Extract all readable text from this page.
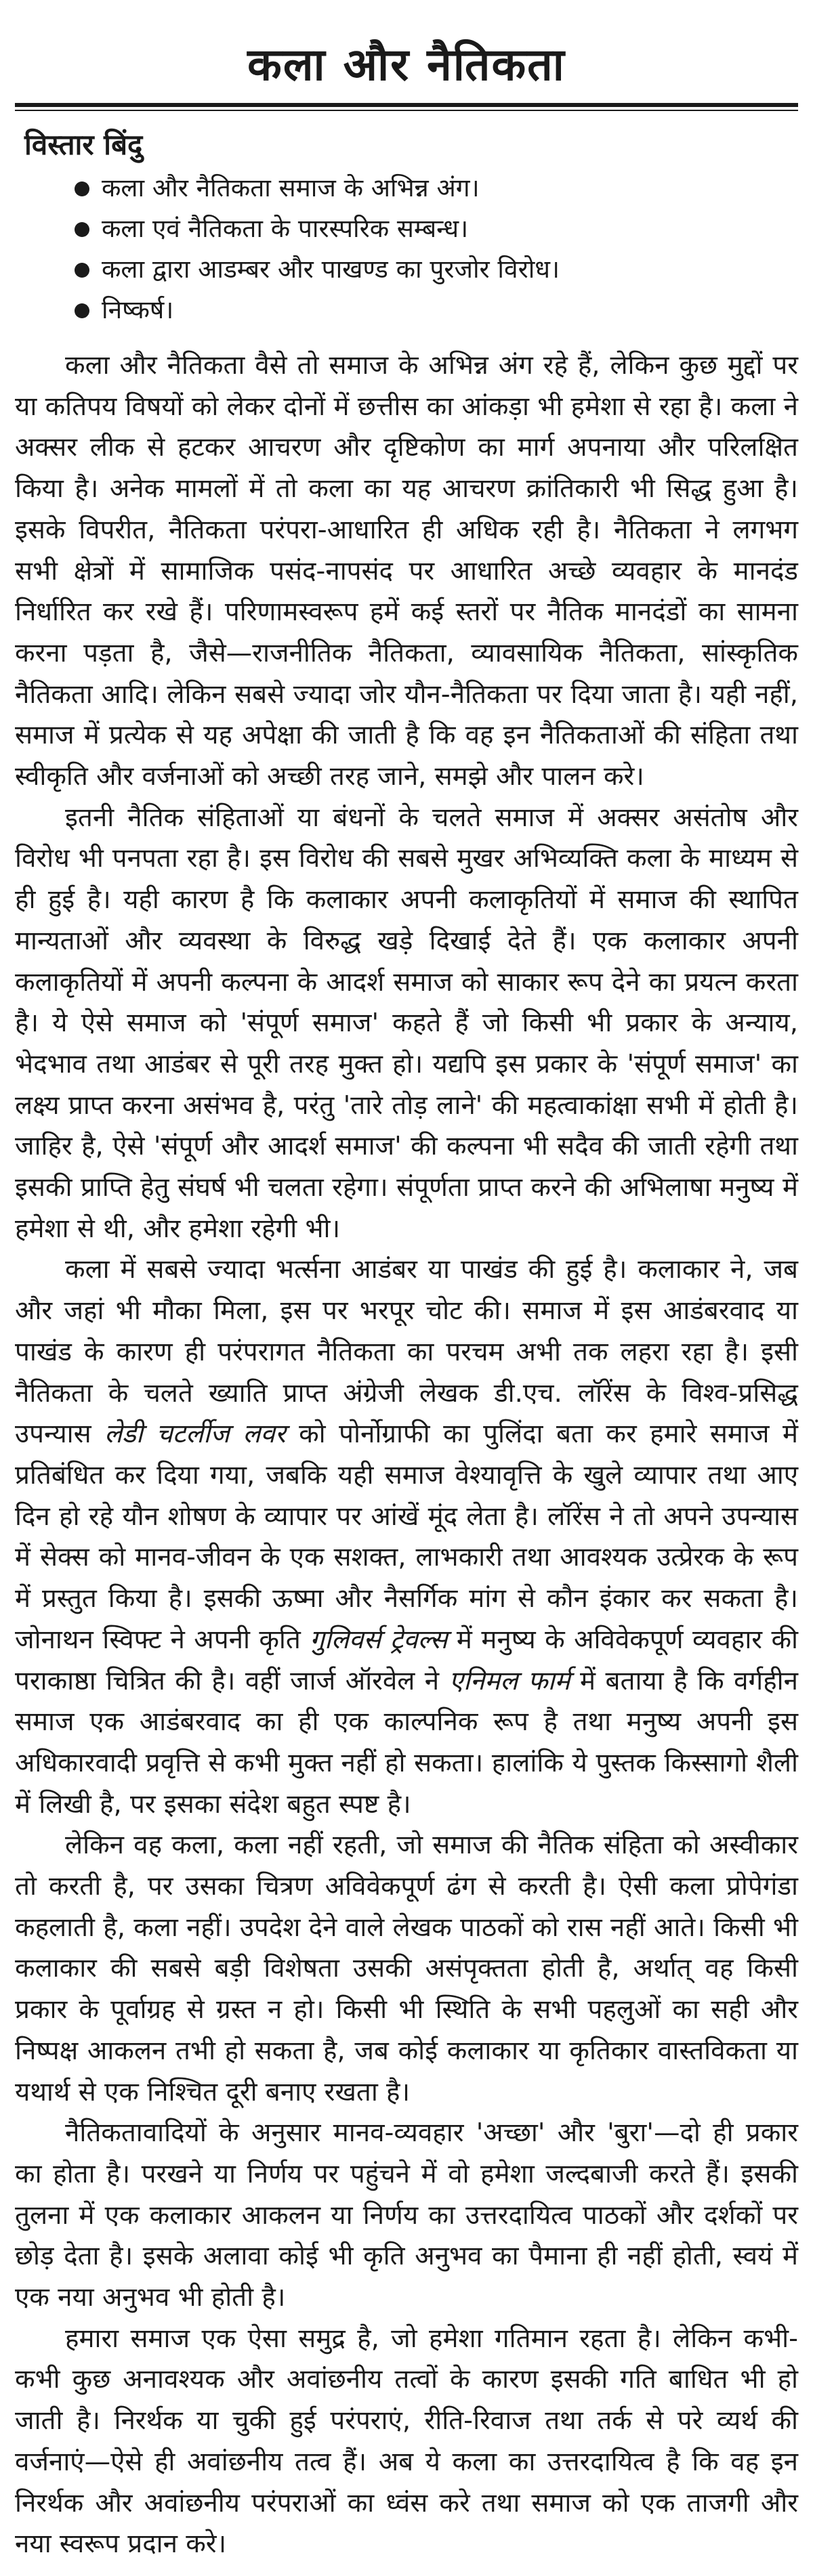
कला और नैतिकता
विस्तार बिंदु
कला और नैतिकता समाज के अभिन्न अंग।
कला एवं नैतिकता के पारस्परिक सम्बन्ध।
कला द्वारा आडम्बर और पाखण्ड का पुरजोर विरोध।
निष्कर्ष।

कला और नैतिकता वैसे तो समाज के अभिन्न अंग रहे हैं, लेकिन कुछ मुद्दों पर या कतिपय विषयों को लेकर दोनों में छत्तीस का आंकड़ा भी हमेशा से रहा है। कला ने अक्सर लीक से हटकर आचरण और दृष्टिकोण का मार्ग अपनाया और परिलक्षित किया है। अनेक मामलों में तो कला का यह आचरण क्रांतिकारी भी सिद्ध हुआ है। इसके विपरीत, नैतिकता परंपरा-आधारित ही अधिक रही है। नैतिकता ने लगभग सभी क्षेत्रों में सामाजिक पसंद-नापसंद पर आधारित अच्छे व्यवहार के मानदंड निर्धारित कर रखे हैं। परिणामस्वरूप हमें कई स्तरों पर नैतिक मानदंडों का सामना करना पड़ता है, जैसे—राजनीतिक नैतिकता, व्यावसायिक नैतिकता, सांस्कृतिक नैतिकता आदि। लेकिन सबसे ज्यादा जोर यौन-नैतिकता पर दिया जाता है। यही नहीं, समाज में प्रत्येक से यह अपेक्षा की जाती है कि वह इन नैतिकताओं की संहिता तथा स्वीकृति और वर्जनाओं को अच्छी तरह जाने, समझे और पालन करे।

इतनी नैतिक संहिताओं या बंधनों के चलते समाज में अक्सर असंतोष और विरोध भी पनपता रहा है। इस विरोध की सबसे मुखर अभिव्यक्ति कला के माध्यम से ही हुई है। यही कारण है कि कलाकार अपनी कलाकृतियों में समाज की स्थापित मान्यताओं और व्यवस्था के विरुद्ध खड़े दिखाई देते हैं। एक कलाकार अपनी कलाकृतियों में अपनी कल्पना के आदर्श समाज को साकार रूप देने का प्रयत्न करता है। ये ऐसे समाज को 'संपूर्ण समाज' कहते हैं जो किसी भी प्रकार के अन्याय, भेदभाव तथा आडंबर से पूरी तरह मुक्त हो। यद्यपि इस प्रकार के 'संपूर्ण समाज' का लक्ष्य प्राप्त करना असंभव है, परंतु 'तारे तोड़ लाने' की महत्वाकांक्षा सभी में होती है। जाहिर है, ऐसे 'संपूर्ण और आदर्श समाज' की कल्पना भी सदैव की जाती रहेगी तथा इसकी प्राप्ति हेतु संघर्ष भी चलता रहेगा। संपूर्णता प्राप्त करने की अभिलाषा मनुष्य में हमेशा से थी, और हमेशा रहेगी भी।

कला में सबसे ज्यादा भर्त्सना आडंबर या पाखंड की हुई है। कलाकार ने, जब और जहां भी मौका मिला, इस पर भरपूर चोट की। समाज में इस आडंबरवाद या पाखंड के कारण ही परंपरागत नैतिकता का परचम अभी तक लहरा रहा है। इसी नैतिकता के चलते ख्याति प्राप्त अंग्रेजी लेखक डी.एच. लॉरेंस के विश्व-प्रसिद्ध उपन्यास लेडी चटर्लीज लवर को पोर्नोग्राफी का पुलिंदा बता कर हमारे समाज में प्रतिबंधित कर दिया गया, जबकि यही समाज वेश्यावृत्ति के खुले व्यापार तथा आए दिन हो रहे यौन शोषण के व्यापार पर आंखें मूंद लेता है। लॉरेंस ने तो अपने उपन्यास में सेक्स को मानव-जीवन के एक सशक्त, लाभकारी तथा आवश्यक उत्प्रेरक के रूप में प्रस्तुत किया है। इसकी ऊष्मा और नैसर्गिक मांग से कौन इंकार कर सकता है। जोनाथन स्विफ्ट ने अपनी कृति गुलिवर्स ट्रेवल्स में मनुष्य के अविवेकपूर्ण व्यवहार की पराकाष्ठा चित्रित की है। वहीं जार्ज ऑरवेल ने एनिमल फार्म में बताया है कि वर्गहीन समाज एक आडंबरवाद का ही एक काल्पनिक रूप है तथा मनुष्य अपनी इस अधिकारवादी प्रवृत्ति से कभी मुक्त नहीं हो सकता। हालांकि ये पुस्तक किस्सागो शैली में लिखी है, पर इसका संदेश बहुत स्पष्ट है।

लेकिन वह कला, कला नहीं रहती, जो समाज की नैतिक संहिता को अस्वीकार तो करती है, पर उसका चित्रण अविवेकपूर्ण ढंग से करती है। ऐसी कला प्रोपेगंडा कहलाती है, कला नहीं। उपदेश देने वाले लेखक पाठकों को रास नहीं आते। किसी भी कलाकार की सबसे बड़ी विशेषता उसकी असंपृक्तता होती है, अर्थात् वह किसी प्रकार के पूर्वाग्रह से ग्रस्त न हो। किसी भी स्थिति के सभी पहलुओं का सही और निष्पक्ष आकलन तभी हो सकता है, जब कोई कलाकार या कृतिकार वास्तविकता या यथार्थ से एक निश्चित दूरी बनाए रखता है।

नैतिकतावादियों के अनुसार मानव-व्यवहार 'अच्छा' और 'बुरा'—दो ही प्रकार का होता है। परखने या निर्णय पर पहुंचने में वो हमेशा जल्दबाजी करते हैं। इसकी तुलना में एक कलाकार आकलन या निर्णय का उत्तरदायित्व पाठकों और दर्शकों पर छोड़ देता है। इसके अलावा कोई भी कृति अनुभव का पैमाना ही नहीं होती, स्वयं में एक नया अनुभव भी होती है।

हमारा समाज एक ऐसा समुद्र है, जो हमेशा गतिमान रहता है। लेकिन कभी-कभी कुछ अनावश्यक और अवांछनीय तत्वों के कारण इसकी गति बाधित भी हो जाती है। निरर्थक या चुकी हुई परंपराएं, रीति-रिवाज तथा तर्क से परे व्यर्थ की वर्जनाएं—ऐसे ही अवांछनीय तत्व हैं। अब ये कला का उत्तरदायित्व है कि वह इन निरर्थक और अवांछनीय परंपराओं का ध्वंस करे तथा समाज को एक ताजगी और नया स्वरूप प्रदान करे।
